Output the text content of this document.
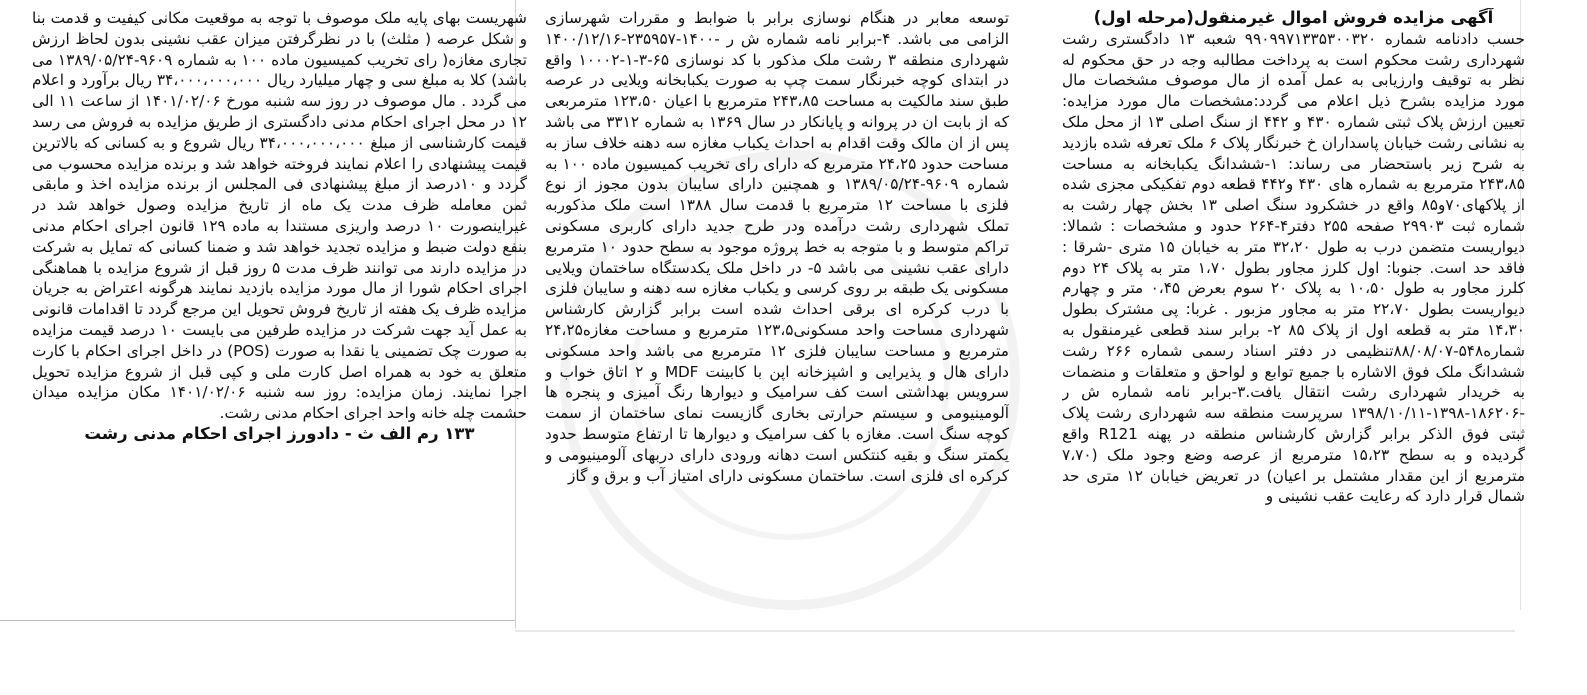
آگهی مزایده فروش اموال غیرمنقول(مرحله اول)

حسب دادنامه شماره ۹۹۰۹۹۷۱۳۳۵۳۰۰۳۲۰ شعبه ۱۳ دادگستری رشت شهرداری رشت محکوم است به پرداخت مطالبه وجه در حق محکوم له نظر به توقیف وارزیابی به عمل آمده از مال موصوف مشخصات مال مورد مزایده بشرح ذیل اعلام می گردد:مشخصات مال مورد مزایده: تعیین ارزش پلاک ثبتی شماره ۴۳۰ و ۴۴۲ از سنگ اصلی ۱۳ از محل ملک به نشانی رشت خیابان پاسداران خ خبرنگار پلاک ۶ ملک تعرفه شده بازدید به شرح زیر باستحضار می رساند: ۱-ششدانگ یکبابخانه به مساحت ۲۴۳،۸۵ مترمربع به شماره های ۴۳۰ و۴۴۲ قطعه دوم تفکیکی مجزی شده از پلاکهای۷۰و۸۵ واقع در خشکرود سنگ اصلی ۱۳ بخش چهار رشت به شماره ثبت ۲۹۹۰۳ صفحه ۲۵۵ دفتر۴-۲۶۴ حدود و مشخصات : شمالا: دیواریست متضمن درب به طول ۳۲،۲۰ متر به خیابان ۱۵ متری -شرقا : فاقد حد است. جنوبا: اول کلرز مجاور بطول ۱،۷۰ متر به پلاک ۲۴ دوم کلرز مجاور به طول ۱۰،۵۰ به پلاک ۲۰ سوم بعرض ۰،۴۵ متر و چهارم دیواریست بطول ۲۲،۷۰ متر به مجاور مزبور . غربا: پی مشترک بطول ۱۴،۳۰ متر به قطعه اول از پلاک ۸۵ ۲- برابر سند قطعی غیرمنقول به شماره۵۴۸-۸۸/۰۸/۰۷تنظیمی در دفتر اسناد رسمی شماره ۲۶۶ رشت ششدانگ ملک فوق الاشاره با جمیع توابع و لواحق و متعلقات و منضمات به خریدار شهرداری رشت انتقال یافت.۳-برابر نامه شماره ش ر -۱۸۶۲۰۶-۱۳۹۸-۱۳۹۸/۱۰/۱۱ سرپرست منطقه سه شهرداری رشت پلاک ثبتی فوق الذکر برابر گزارش کارشناس منطقه در پهنه R121 واقع گردیده و به سطح ۱۵،۲۳ مترمربع از عرصه وضع وجود ملک (۷،۷۰ مترمربع از این مقدار مشتمل بر اعیان) در تعریض خیابان ۱۲ متری حد شمال قرار دارد که رعایت عقب نشینی و

توسعه معابر در هنگام نوسازی برابر با ضوابط و مقررات شهرسازی الزامی می باشد. ۴-برابر نامه شماره ش ر -۱۴۰۰-۲۳۵۹۵۷-۱۴۰۰/۱۲/۱۶ شهرداری منطقه ۳ رشت ملک مذکور با کد نوسازی ۶۵-۳-۱-۱۰۰۰۲ واقع در ابتدای کوچه خبرنگار سمت چپ به صورت یکبابخانه ویلایی در عرصه طبق سند مالکیت به مساحت ۲۴۳،۸۵ مترمربع با اعیان ۱۲۳،۵۰ مترمربعی که از بابت ان در پروانه و پایانکار در سال ۱۳۶۹ به شماره ۳۳۱۲ می باشد پس از ان مالک وقت اقدام به احداث یکباب مغازه سه دهنه خلاف ساز به مساحت حدود ۲۴،۲۵ مترمربع که دارای رای تخریب کمیسیون ماده ۱۰۰ به شماره ۹۶۰۹-۱۳۸۹/۰۵/۲۴ و همچنین دارای سایبان بدون مجوز از نوع فلزی با مساحت ۱۲ مترمربع با قدمت سال ۱۳۸۸ است ملک مذکوربه تملک شهرداری رشت درآمده ودر طرح جدید دارای کاربری مسکونی تراکم متوسط و با متوجه به خط پروژه موجود به سطح حدود ۱۰ مترمربع دارای عقب نشینی می باشد ۵- در داخل ملک یکدستگاه ساختمان ویلایی مسکونی یک طبقه بر روی کرسی و یکباب مغازه سه دهنه و سایبان فلزی با درب کرکره ای برقی احداث شده است برابر گزارش کارشناس شهرداری مساحت واحد مسکونی۱۲۳،۵ مترمربع و مساحت مغازه۲۴،۲۵ مترمربع و مساحت سایبان فلزی ۱۲ مترمربع می باشد واحد مسکونی دارای هال و پذیرایی و اشپزخانه اپن با کابینت MDF و ۲ اتاق خواب و سرویس بهداشتی است کف سرامیک و دیوارها رنگ آمیزی و پنجره ها آلومینیومی و سیستم حرارتی بخاری گازیست نمای ساختمان از سمت کوچه سنگ است. مغازه با کف سرامیک و دیوارها تا ارتفاع متوسط حدود یکمتر سنگ و بقیه کنتکس است دهانه ورودی دارای دربهای آلومینیومی و کرکره ای فلزی است. ساختمان مسکونی دارای امتیاز آب و برق و گاز

شهریست بهای پایه ملک موصوف با توجه به موقعیت مکانی کیفیت و قدمت بنا و شکل عرصه ( مثلث) با در نظرگرفتن میزان عقب نشینی بدون لحاظ ارزش تجاری مغازه( رای تخریب کمیسیون ماده ۱۰۰ به شماره ۹۶۰۹-۱۳۸۹/۰۵/۲۴ می باشد) کلا به مبلغ سی و چهار میلیارد ریال ۳۴،۰۰۰،۰۰۰،۰۰۰ ریال برآورد و اعلام می گردد . مال موصوف در روز سه شنبه مورخ ۱۴۰۱/۰۲/۰۶ از ساعت ۱۱ الی ۱۲ در محل اجرای احکام مدنی دادگستری از طریق مزایده به فروش می رسد قیمت کارشناسی از مبلغ ۳۴،۰۰۰،۰۰۰،۰۰۰ ریال شروع و به کسانی که بالاترین قیمت پیشنهادی را اعلام نمایند فروخته خواهد شد و برنده مزایده محسوب می گردد و ۱۰درصد از مبلغ پیشنهادی فی المجلس از برنده مزایده اخذ و مابقی ثمن معامله ظرف مدت یک ماه از تاریخ مزایده وصول خواهد شد در غیراینصورت ۱۰ درصد واریزی مستندا به ماده ۱۲۹ قانون اجرای احکام مدنی بنفع دولت ضبط و مزایده تجدید خواهد شد و ضمنا کسانی که تمایل به شرکت در مزایده دارند می توانند ظرف مدت ۵ روز قبل از شروع مزایده با هماهنگی اجرای احکام شورا از مال مورد مزایده بازدید نمایند هرگونه اعتراض به جریان مزایده ظرف یک هفته از تاریخ فروش تحویل این مرجع گردد تا اقدامات قانونی به عمل آید جهت شرکت در مزایده طرفین می بایست ۱۰ درصد قیمت مزایده به صورت چک تضمینی یا نقدا به صورت (POS) در داخل اجرای احکام با کارت متعلق به خود به همراه اصل کارت ملی و کپی قبل از شروع مزایده تحویل اجرا نمایند. زمان مزایده: روز سه شنبه ۱۴۰۱/۰۲/۰۶ مکان مزایده میدان حشمت چله خانه واحد اجرای احکام مدنی رشت.

۱۳۳ رم الف ث - دادورز اجرای احکام مدنی رشت
